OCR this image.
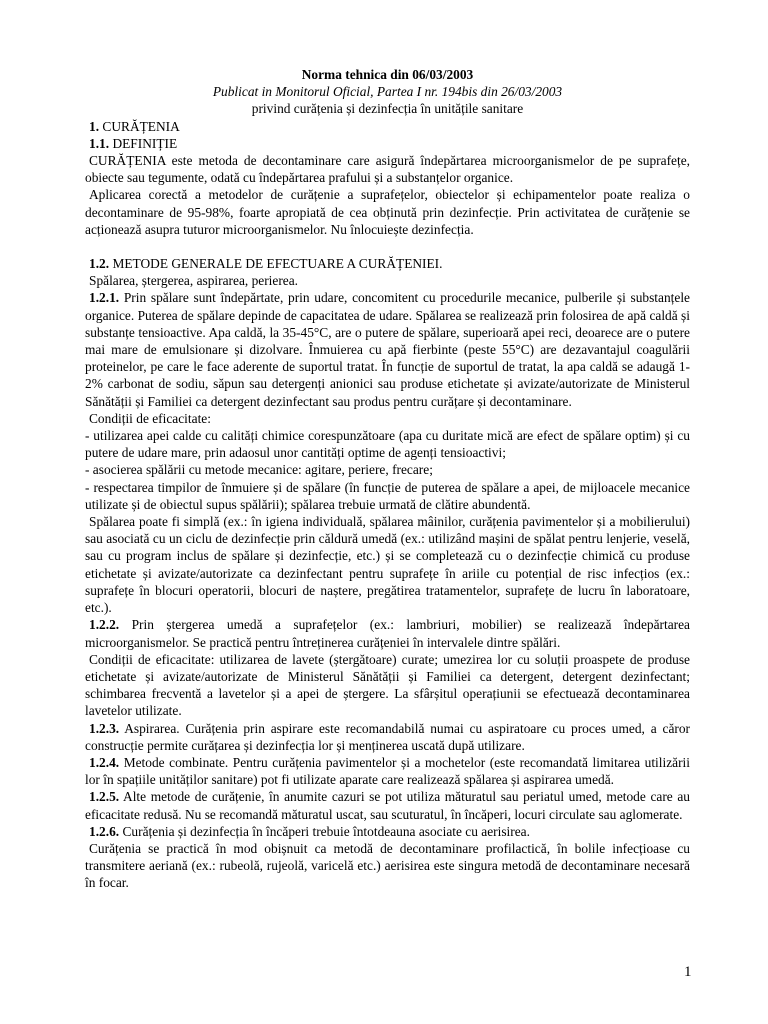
Norma tehnica din 06/03/2003
Publicat in Monitorul Oficial, Partea I nr. 194bis din 26/03/2003
privind curățenia și dezinfecția în unitățile sanitare
1. CURĂȚENIA
1.1. DEFINIȚIE

CURĂȚENIA este metoda de decontaminare care asigură îndepărtarea microorganismelor de pe suprafețe, obiecte sau tegumente, odată cu îndepărtarea prafului și a substanțelor organice.

Aplicarea corectă a metodelor de curățenie a suprafețelor, obiectelor și echipamentelor poate realiza o decontaminare de 95-98%, foarte apropiată de cea obținută prin dezinfecție. Prin activitatea de curățenie se acționează asupra tuturor microorganismelor. Nu înlocuiește dezinfecția.

1.2. METODE GENERALE DE EFECTUARE A CURĂȚENIEI.

Spălarea, ștergerea, aspirarea, perierea.

1.2.1. Prin spălare sunt îndepărtate, prin udare, concomitent cu procedurile mecanice, pulberile și substanțele organice. Puterea de spălare depinde de capacitatea de udare. Spălarea se realizează prin folosirea de apă caldă și substanțe tensioactive. Apa caldă, la 35-45°C, are o putere de spălare, superioară apei reci, deoarece are o putere mai mare de emulsionare și dizolvare. Înmuierea cu apă fierbinte (peste 55°C) are dezavantajul coagulării proteinelor, pe care le face aderente de suportul tratat. În funcție de suportul de tratat, la apa caldă se adaugă 1-2% carbonat de sodiu, săpun sau detergenți anionici sau produse etichetate și avizate/autorizate de Ministerul Sănătății și Familiei ca detergent dezinfectant sau produs pentru curățare și decontaminare.

Condiții de eficacitate:

- utilizarea apei calde cu calități chimice corespunzătoare (apa cu duritate mică are efect de spălare optim) și cu putere de udare mare, prin adaosul unor cantități optime de agenți tensioactivi;

- asocierea spălării cu metode mecanice: agitare, periere, frecare;

- respectarea timpilor de înmuiere și de spălare (în funcție de puterea de spălare a apei, de mijloacele mecanice utilizate și de obiectul supus spălării); spălarea trebuie urmată de clătire abundentă.

Spălarea poate fi simplă (ex.: în igiena individuală, spălarea mâinilor, curățenia pavimentelor și a mobilierului) sau asociată cu un ciclu de dezinfecție prin căldură umedă (ex.: utilizând mașini de spălat pentru lenjerie, veselă, sau cu program inclus de spălare și dezinfecție, etc.) și se completează cu o dezinfecție chimică cu produse etichetate și avizate/autorizate ca dezinfectant pentru suprafețe în ariile cu potențial de risc infecțios (ex.: suprafețe în blocuri operatorii, blocuri de naștere, pregătirea tratamentelor, suprafețe de lucru în laboratoare, etc.).

1.2.2. Prin ștergerea umedă a suprafețelor (ex.: lambriuri, mobilier) se realizează îndepărtarea microorganismelor. Se practică pentru întreținerea curățeniei în intervalele dintre spălări.

Condiții de eficacitate: utilizarea de lavete (ștergătoare) curate; umezirea lor cu soluții proaspete de produse etichetate și avizate/autorizate de Ministerul Sănătății și Familiei ca detergent, detergent dezinfectant; schimbarea frecventă a lavetelor și a apei de ștergere. La sfârșitul operațiunii se efectuează decontaminarea lavetelor utilizate.

1.2.3. Aspirarea. Curățenia prin aspirare este recomandabilă numai cu aspiratoare cu proces umed, a căror construcție permite curățarea și dezinfecția lor și menținerea uscată după utilizare.

1.2.4. Metode combinate. Pentru curățenia pavimentelor și a mochetelor (este recomandată limitarea utilizării lor în spațiile unităților sanitare) pot fi utilizate aparate care realizează spălarea și aspirarea umedă.

1.2.5. Alte metode de curățenie, în anumite cazuri se pot utiliza măturatul sau periatul umed, metode care au eficacitate redusă. Nu se recomandă măturatul uscat, sau scuturatul, în încăperi, locuri circulate sau aglomerate.

1.2.6. Curățenia și dezinfecția în încăperi trebuie întotdeauna asociate cu aerisirea.

Curățenia se practică în mod obișnuit ca metodă de decontaminare profilactică, în bolile infecțioase cu transmitere aeriană (ex.: rubeolă, rujeolă, varicelă etc.) aerisirea este singura metodă de decontaminare necesară în focar.

1
